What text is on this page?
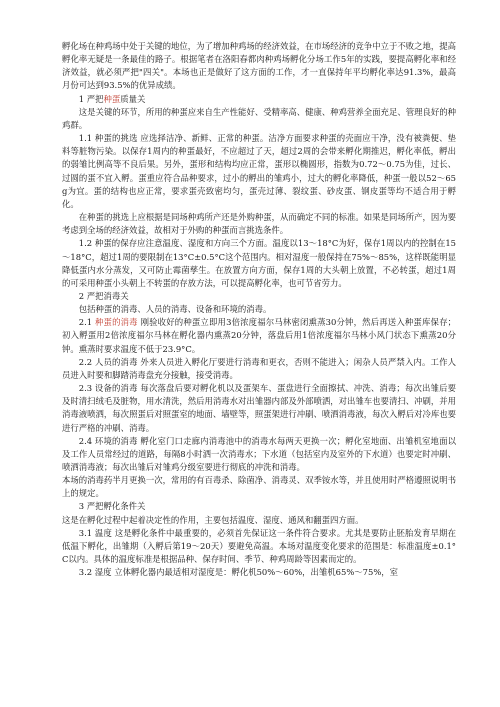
孵化场在种鸡场中处于关键的地位，为了增加种鸡场的经济效益，在市场经济的竞争中立于不败之地，提高孵化率无疑是一条最佳的路子。根据笔者在洛阳春都肉种鸡场孵化分场工作5年的实践，要提高孵化率和经济效益，就必须严把"四关"。本场也正是做好了这方面的工作，才一直保持年平均孵化率达91.3%，最高月份可达到93.5%的优异成绩。

1 严把种蛋质量关

这是关键的环节，所用的种蛋应来自生产性能好、受精率高、健康、种鸡营养全面充足、管理良好的种鸡群。

1.1 种蛋的挑选 应选择洁净、新鲜、正常的种蛋。洁净方面要求种蛋的壳面应干净，没有被粪便、垫料等脏物污染。以保存1周内的种蛋最好，不应超过了天，超过2周的会带来孵化期推迟，孵化率低，孵出的弱雏比例高等不良后果。另外，蛋形和结构均应正常，蛋形以椭圆形，指数为0.72～0.75为佳，过长、过圆的蛋不宜入孵。蛋重应符合品种要求，过小的孵出的雏鸡小，过大的孵化率降低，种蛋一般以52～65g为宜。蛋的结构也应正常，要求蛋壳致密均匀，蛋壳过薄、裂纹蛋、砂皮蛋、钢皮蛋等均不适合用于孵化。

在种蛋的挑选上应根据是同场种鸡所产还是外购种蛋，从而确定不同的标准。如果是同场所产，因为要考虑到全场的经济效益，故相对于外购的种蛋而言挑选条件。

1.2 种蛋的保存应注意温度、湿度和方向三个方面。温度以13～18°C为好，保存1周以内的控制在15～18°C，超过1周的要限制在13°C±0.5°C这个范围内。相对湿度一般保持在75%～85%，这样既能明显降低蛋内水分蒸发，又可防止霉菌孳生。在放置方向方面，保存1周的大头朝上放置，不必转蛋，超过1周的可采用种蛋小头朝上不转蛋的存放方法，可以提高孵化率，也可节省劳力。

2 严把消毒关

包括种蛋的消毒、人员的消毒、设备和环境的消毒。

2.1 种蛋的消毒 刚验收好的种蛋立即用3倍浓度福尔马林密闭熏蒸30分钟，然后再送入种蛋库保存；初入孵蛋用2倍浓度福尔马林在孵化器内熏蒸20分钟，落盘后用1倍浓度福尔马林小风门状态下熏蒸20分钟。熏蒸时要求温度不低于23.9°C。

2.2 人员的消毒 外来人员进入孵化厅要进行消毒和更衣，否则不能进入；闲杂人员严禁入内。工作人员进入时要和脚踏消毒盘充分接触，接受消毒。

2.3 设备的消毒 每次落盘后要对孵化机以及蛋架车、蛋盘进行全面擦拭、冲洗、消毒；每次出雏后要及时清扫绒毛及脏物，用水清洗，然后用消毒水对出雏器内部及外部喷洒，对出雏车也要清扫、冲刷，并用消毒液喷洒，每次照蛋后对照蛋室的地面、墙壁等，照蛋架进行冲刷、喷洒消毒液，每次入孵后对冷库也要进行严格的冲刷、消毒。

2.4 环境的消毒 孵化室门口走廊内消毒池中的消毒水每两天更换一次；孵化室地面、出雏机室地面以及工作人员常经过的道路，每隔8小时洒一次消毒水；下水道（包括室内及室外的下水道）也要定时冲刷、喷洒消毒液；每次出雏后对雏鸡分级室要进行彻底的冲洗和消毒。

本场的消毒药半月更换一次，常用的有百毒杀、除菌净、消毒灵、双季铵水等，并且使用时严格遵照说明书上的规定。

3 严把孵化条件关

这是在孵化过程中起着决定性的作用，主要包括温度、湿度、通风和翻蛋四方面。

3.1 温度 这是孵化条件中最重要的，必须首先保证这一条件符合要求。尤其是要防止胚胎发育早期在低温下孵化，出雏期（入孵后第19～20天）要避免高温。本场对温度变化要求的范围是：标准温度±0.1°C以内。具体的温度标准是根据品种、保存时间、季节、种鸡周龄等因素而定的。

3.2 湿度 立体孵化器内最适相对湿度是：孵化机50%～60%，出雏机65%～75%，室
